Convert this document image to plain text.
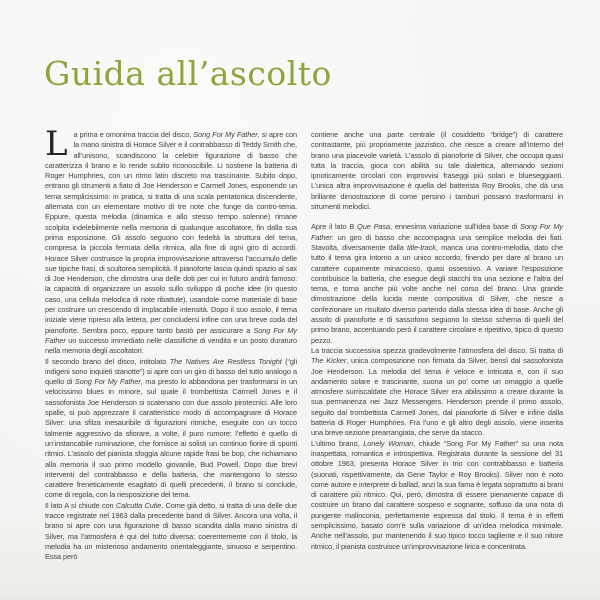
Guida all’ascolto

La prima e omonima traccia del disco, Song For My Father, si apre con la mano sinistra di Horace Silver e il contrabbasso di Teddy Smith che, all’unisono, scandiscono la celebre figurazione di basso che caratterizza il brano e lo rende subito riconoscibile. Li sostiene la batteria di Roger Humphries, con un ritmo latin discreto ma trascinante. Subito dopo, entrano gli strumenti a fiato di Joe Henderson e Carmell Jones, esponendo un tema semplicissimo: in pratica, si tratta di una scala pentatonica discendente, alternata con un elementare motivo di tre note che funge da contro-tema. Eppure, questa melodia (dinamica e allo stesso tempo solenne) rimane scolpita indelebilmente nella memoria di qualunque ascoltatore, fin dalla sua prima esposizione. Gli assolo seguono con fedeltà la struttura del tema, compresa la piccola fermata della ritmica, alla fine di ogni giro di accordi. Horace Silver costruisce la propria improvvisazione attraverso l’accumulo delle sue tipiche frasi, di scultorea semplicità. Il pianoforte lascia quindi spazio al sax di Joe Henderson, che dimostra una delle doti per cui in futuro andrà famoso: la capacità di organizzare un assolo sullo sviluppo di poche idee (in questo caso, una cellula melodica di note ribattute), usandole come materiale di base per costruire un crescendo di implacabile intensità. Dopo il suo assolo, il tema iniziale viene ripreso alla lettera, per concludersi infine con una breve coda del pianoforte. Sembra poco, eppure tanto bastò per assicurare a Song For My Father un successo immediato nelle classifiche di vendita e un posto duraturo nella memoria degli ascoltatori.

Il secondo brano del disco, intitolato The Natives Are Restless Tonight (“gli indigeni sono inquieti stanotte”) si apre con un giro di basso del tutto analogo a quello di Song For My Father, ma presto lo abbandona per trasformarsi in un velocissimo blues in minore, sul quale il trombettista Carmell Jones e il sassofonista Joe Henderson si scatenano con due assolo pirotecnici. Alle loro spalle, si può apprezzare il caratteristico modo di accompagnare di Horace Silver: una sfilza inesauribile di figurazioni ritmiche, eseguite con un tocco talmente aggressivo da sfiorare, a volte, il puro rumore: l’effetto è quello di un’instancabile ruminazione, che fornisce ai solisti un continuo fiorire di spunti ritmici. L’assolo del pianista sfoggia alcune rapide frasi be bop, che richiamano alla memoria il suo primo modello giovanile, Bud Powell. Dopo due brevi interventi del contrabbasso e della batteria, che mantengono lo stesso carattere freneticamente esagitato di quelli precedenti, il brano si conclude, come di regola, con la riesposizione del tema.

Il lato A si chiude con Calcutta Cutie. Come già detto, si tratta di una delle due tracce registrate nel 1963 dalla precedente band di Silver. Ancora una volta, il brano si apre con una figurazione di basso scandita dalla mano sinistra di Silver, ma l’atmosfera è qui del tutto diversa: coerentemente con il titolo, la melodia ha un misterioso andamento orientaleggiante, sinuoso e serpentino. Essa però

contiene anche una parte centrale (il cosiddetto “bridge”) di carattere contrastante, più propriamente jazzistico, che riesce a creare all’interno del brano una piacevole varietà. L’assolo di pianoforte di Silver, che occupa quasi tutta la traccia, gioca con abilità su tale dialettica, alternando sezioni ipnoticamente circolari con improvvisi fraseggi più solari e blueseggianti. L’unica altra improvvisazione è quella del batterista Roy Brooks, che dà una brillante dimostrazione di come persino i tamburi possano trasformarsi in strumenti melodici.

Apre il lato B Que Pasa, ennesima variazione sull’idea base di Song For My Father: un giro di basso che accompagna una semplice melodia dei fiati. Stavolta, diversamente dalla title-track, manca una contro-melodia, dato che tutto il tema gira intorno a un unico accordo, finendo per dare al brano un carattere cupamente minaccioso, quasi ossessivo. A variare l’esposizione contribuisce la batteria, che esegue degli stacchi tra una sezione e l’altra del tema, e torna anche più volte anche nel corso del brano. Una grande dimostrazione della lucida mente compositiva di Silver, che riesce a confezionare un risultato diverso partendo dalla stessa idea di base. Anche gli assolo di pianoforte e di sassofono seguono lo stesso schema di quelli del primo brano, accentuando però il carattere circolare e ripetitivo, tipico di questo pezzo.

La traccia successiva spezza gradevolmente l’atmosfera del disco. Si tratta di The Kicker, unica composizione non firmata da Silver, bensì dal sassofonista Joe Henderson. La melodia del tema è veloce e intricata e, con il suo andamento solare e trascinante, suona un po’ come un omaggio a quelle atmosfere surriscaldate che Horace Silver era abilissimo a creare durante la sua permanenza nei Jazz Messengers. Henderson prende il primo assolo, seguito dal trombettista Carmell Jones, dal pianoforte di Silver e infine dalla batteria di Roger Humphries. Fra l’uno e gli altro degli assolo, viene inserita una breve sezione prearrangiata, che serve da stacco.

L’ultimo brano, Lonely Woman, chiude “Song For My Father” su una nota inaspettata, romantica e introspettiva. Registrata durante la sessione del 31 ottobre 1963, presenta Horace Silver in trio con contrabbasso e batteria (suonati, rispettivamente, da Gene Taylor e Roy Brooks). Silver non è noto come autore e interprete di ballad, anzi la sua fama è legata soprattutto ai brani di carattere più ritmico. Qui, però, dimostra di essere pienamente capace di costruire un brano dal carattere sospeso e sognante, soffuso da una nota di pungente malinconia, perfettamente espressa dal titolo. Il tema è in effetti semplicissimo, basato com’è sulla variazione di un’idea melodica minimale. Anche nell’assolo, pur mantenendo il suo tipico tocco tagliente e il suo nitore ritmico, il pianista costruisce un’improvvisazione lirica e concentrata.
